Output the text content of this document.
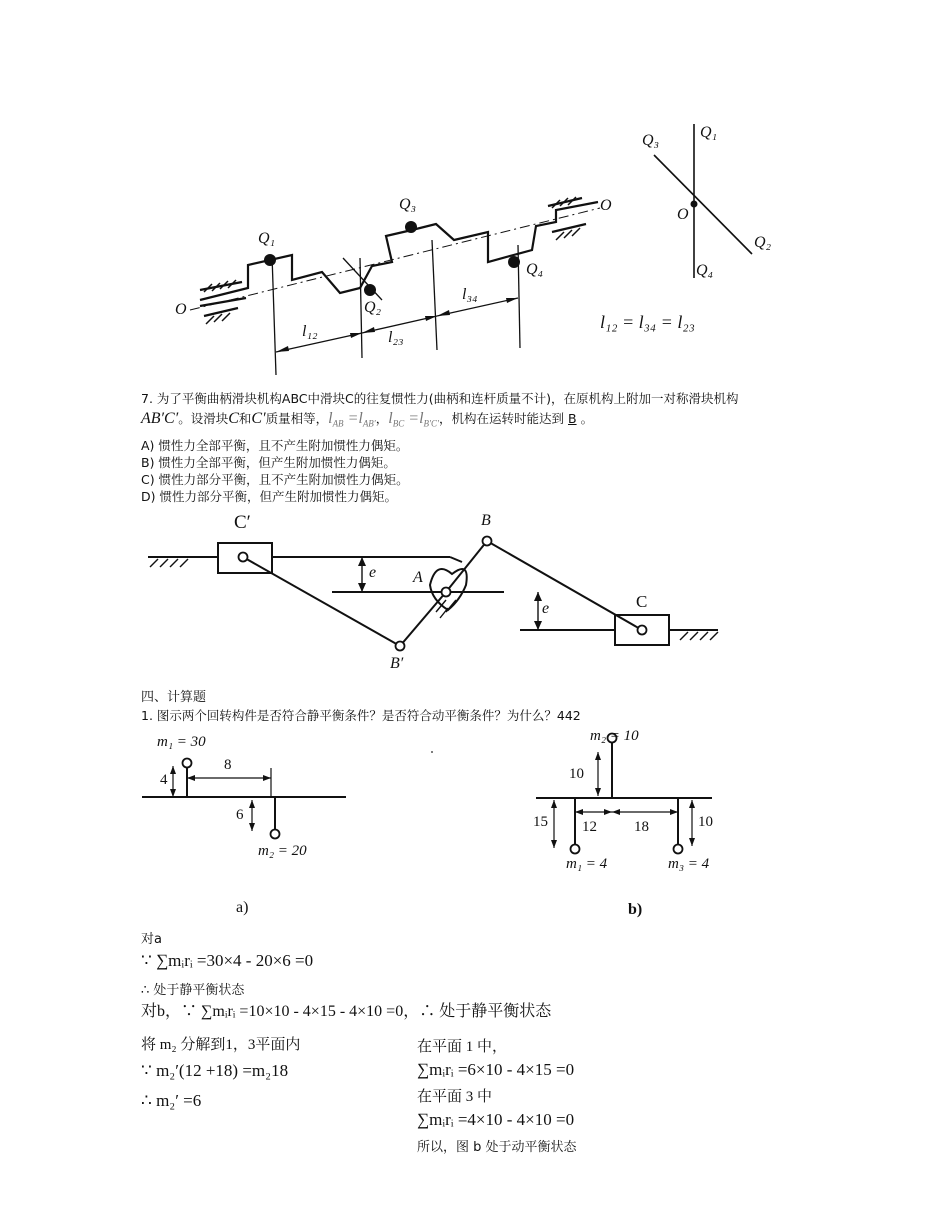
Q₁
Q₂
Q₃
Q₄
O
O
l₁₂	l₂₃
l₃₄
Q₁
Q₂
Q₃
Q₄
O
l₁₂ = l₃₄ = l₂₃
7. 为了平衡曲柄滑块机构ABC中滑块C的往复惯性力(曲柄和连杆质量不计)，在原机构上附加一对称滑块机构
AB′C′。设滑块C和C′质量相等，$l_{AB} =l_{AB'}$，$l_{BC} =l_{B'C'}$，机构在运转时能达到 B 。
A) 惯性力全部平衡，且不产生附加惯性力偶矩。
B) 惯性力全部平衡，但产生附加惯性力偶矩。
C) 惯性力部分平衡，且不产生附加惯性力偶矩。
D) 惯性力部分平衡，但产生附加惯性力偶矩。
C′	B
A
B′
C
e
e
四、计算题
1. 图示两个回转构件是否符合静平衡条件？是否符合动平衡条件？为什么？442
m₁ = 30
4
8
6
m₂ = 20
a)
m₂ = 10
10
15 12 18	10
m₁ = 4	m₃ = 4
b)
对a
∵ ∑mᵢrᵢ =30×4 - 20×6 =0
∴ 处于静平衡状态
对b，∵ ∑mᵢrᵢ =10×10 - 4×15 - 4×10 =0，∴ 处于静平衡状态
将 m₂ 分解到1，3平面内
∵ m₂′(12 +18) =m₂18
∴ m₂′ =6
在平面 1 中，
∑mᵢrᵢ =6×10 - 4×15 =0
在平面 3 中
∑mᵢrᵢ =4×10 - 4×10 =0
所以，图 b 处于动平衡状态
